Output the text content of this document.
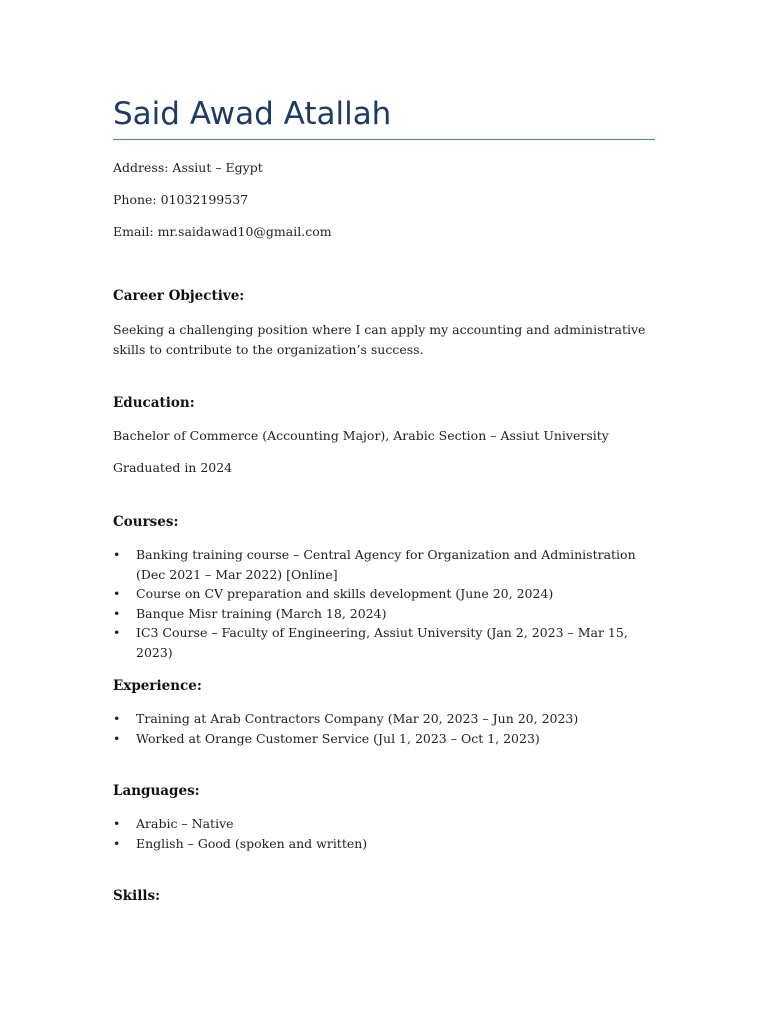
Said Awad Atallah

Address: Assiut – Egypt

Phone: 01032199537

Email: mr.saidawad10@gmail.com

Career Objective:

Seeking a challenging position where I can apply my accounting and administrative skills to contribute to the organization’s success.

Education:

Bachelor of Commerce (Accounting Major), Arabic Section – Assiut University

Graduated in 2024

Courses:
•	Banking training course – Central Agency for Organization and Administration (Dec 2021 – Mar 2022) [Online]
•	Course on CV preparation and skills development (June 20, 2024)
•	Banque Misr training (March 18, 2024)
•	IC3 Course – Faculty of Engineering, Assiut University (Jan 2, 2023 – Mar 15, 2023)
Experience:
•	Training at Arab Contractors Company (Mar 20, 2023 – Jun 20, 2023)
•	Worked at Orange Customer Service (Jul 1, 2023 – Oct 1, 2023)
Languages:
•	Arabic – Native
•	English – Good (spoken and written)
Skills:
